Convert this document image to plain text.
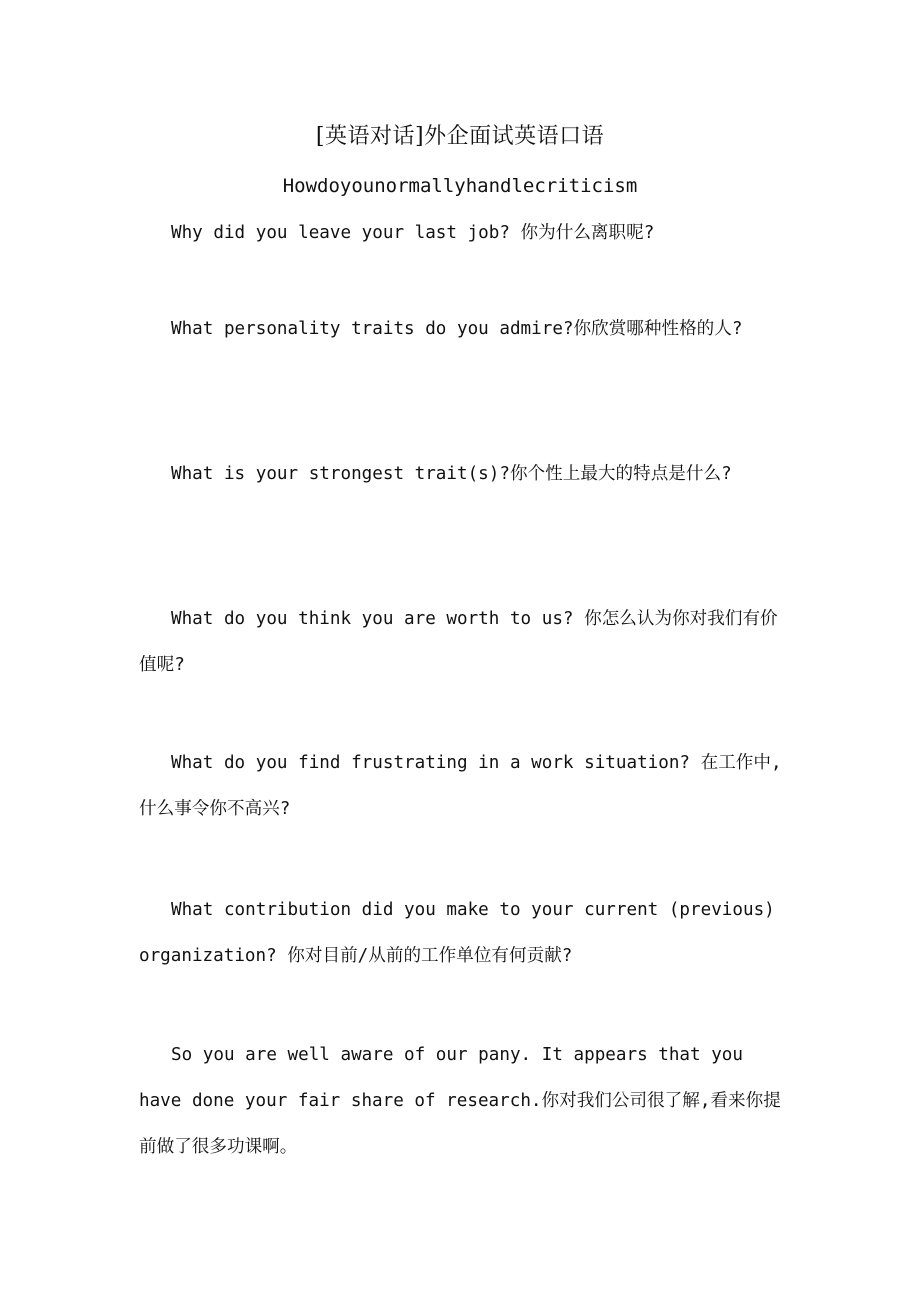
[英语对话]外企面试英语口语
Howdoyounormallyhandlecriticism

Why did you leave your last job? 你为什么离职呢?

What personality traits do you admire?你欣赏哪种性格的人?

What is your strongest trait(s)?你个性上最大的特点是什么?

What do you think you are worth to us? 你怎么认为你对我们有价值呢?

What do you find frustrating in a work situation? 在工作中,什么事令你不高兴?

What contribution did you make to your current (previous) organization? 你对目前/从前的工作单位有何贡献?

So you are well aware of our pany. It appears that you have done your fair share of research.你对我们公司很了解,看来你提前做了很多功课啊。
